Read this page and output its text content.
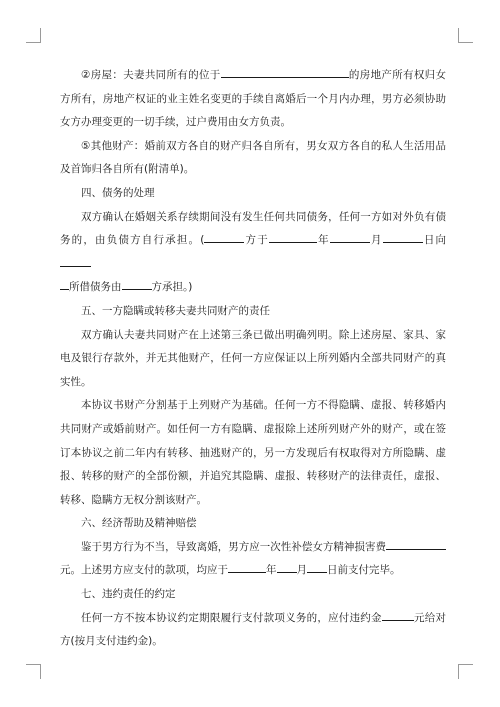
②房屋：夫妻共同所有的位于	的房地产所有权归女方所有，房地产权证的业主姓名变更的手续自离婚后一个月内办理，男方必须协助女方办理变更的一切手续，过户费用由女方负责。

⑤其他财产：婚前双方各自的财产归各自所有，男女双方各自的私人生活用品及首饰归各自所有(附清单)。

四、债务的处理

双方确认在婚姻关系存续期间没有发生任何共同债务，任何一方如对外负有债务的，由负债方自行承担。(	方于	年	月	日向
所借债务由	方承担。)

五、一方隐瞒或转移夫妻共同财产的责任

双方确认夫妻共同财产在上述第三条已做出明确列明。除上述房屋、家具、家电及银行存款外，并无其他财产，任何一方应保证以上所列婚内全部共同财产的真实性。

本协议书财产分割基于上列财产为基础。任何一方不得隐瞒、虚报、转移婚内共同财产或婚前财产。如任何一方有隐瞒、虚报除上述所列财产外的财产，或在签订本协议之前二年内有转移、抽逃财产的，另一方发现后有权取得对方所隐瞒、虚报、转移的财产的全部份额，并追究其隐瞒、虚报、转移财产的法律责任，虚报、转移、隐瞒方无权分割该财产。

六、经济帮助及精神赔偿

鉴于男方行为不当，导致离婚，男方应一次性补偿女方精神损害费元。上述男方应支付的款项，均应于	年 月 日前支付完毕。

七、违约责任的约定

任何一方不按本协议约定期限履行支付款项义务的，应付违约金	元给对方(按月支付违约金)。
